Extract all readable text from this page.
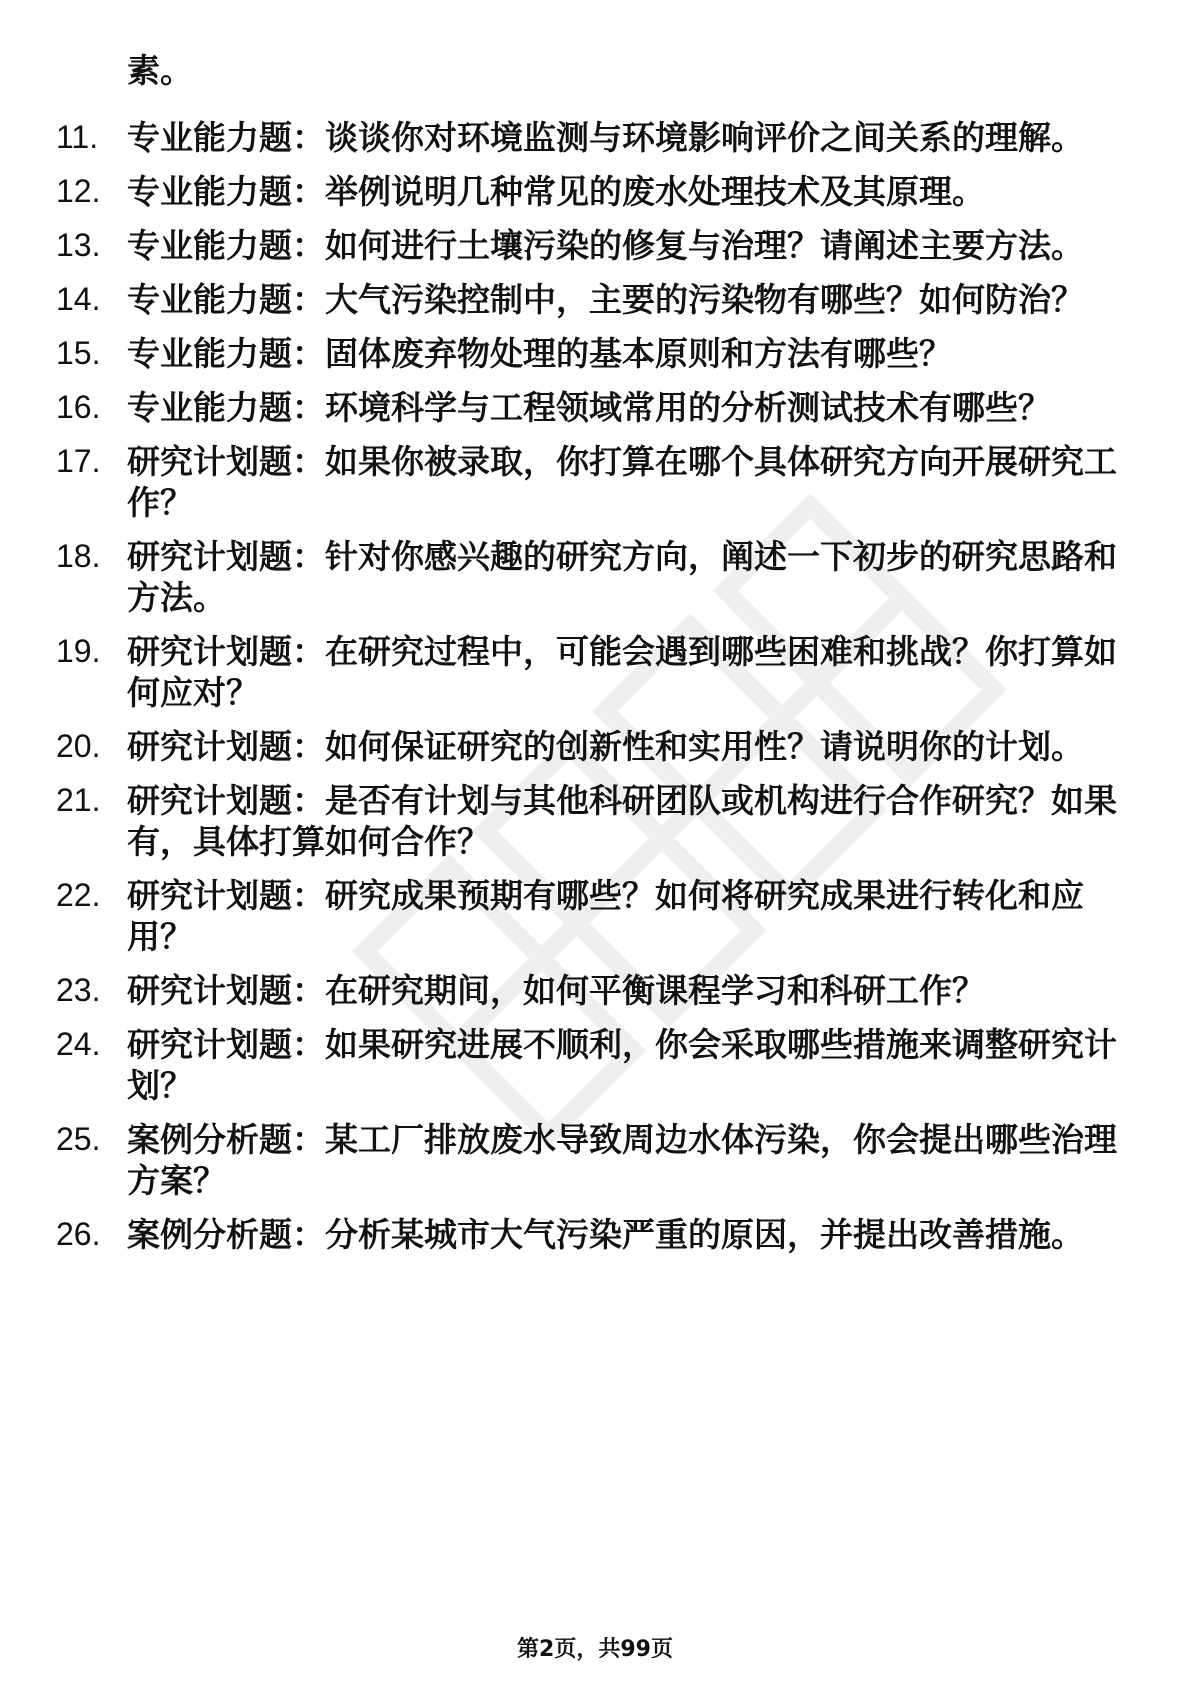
素。

11. 专业能力题：谈谈你对环境监测与环境影响评价之间关系的理解。
12. 专业能力题：举例说明几种常见的废水处理技术及其原理。
13. 专业能力题：如何进行土壤污染的修复与治理？请阐述主要方法。
14. 专业能力题：大气污染控制中，主要的污染物有哪些？如何防治？
15. 专业能力题：固体废弃物处理的基本原则和方法有哪些？
16. 专业能力题：环境科学与工程领域常用的分析测试技术有哪些？
17. 研究计划题：如果你被录取，你打算在哪个具体研究方向开展研究工作？
18. 研究计划题：针对你感兴趣的研究方向，阐述一下初步的研究思路和方法。
19. 研究计划题：在研究过程中，可能会遇到哪些困难和挑战？你打算如何应对？
20. 研究计划题：如何保证研究的创新性和实用性？请说明你的计划。
21. 研究计划题：是否有计划与其他科研团队或机构进行合作研究？如果有，具体打算如何合作？
22. 研究计划题：研究成果预期有哪些？如何将研究成果进行转化和应用？
23. 研究计划题：在研究期间，如何平衡课程学习和科研工作？
24. 研究计划题：如果研究进展不顺利，你会采取哪些措施来调整研究计划？
25. 案例分析题：某工厂排放废水导致周边水体污染，你会提出哪些治理方案？
26. 案例分析题：分析某城市大气污染严重的原因，并提出改善措施。
第2页，共99页
